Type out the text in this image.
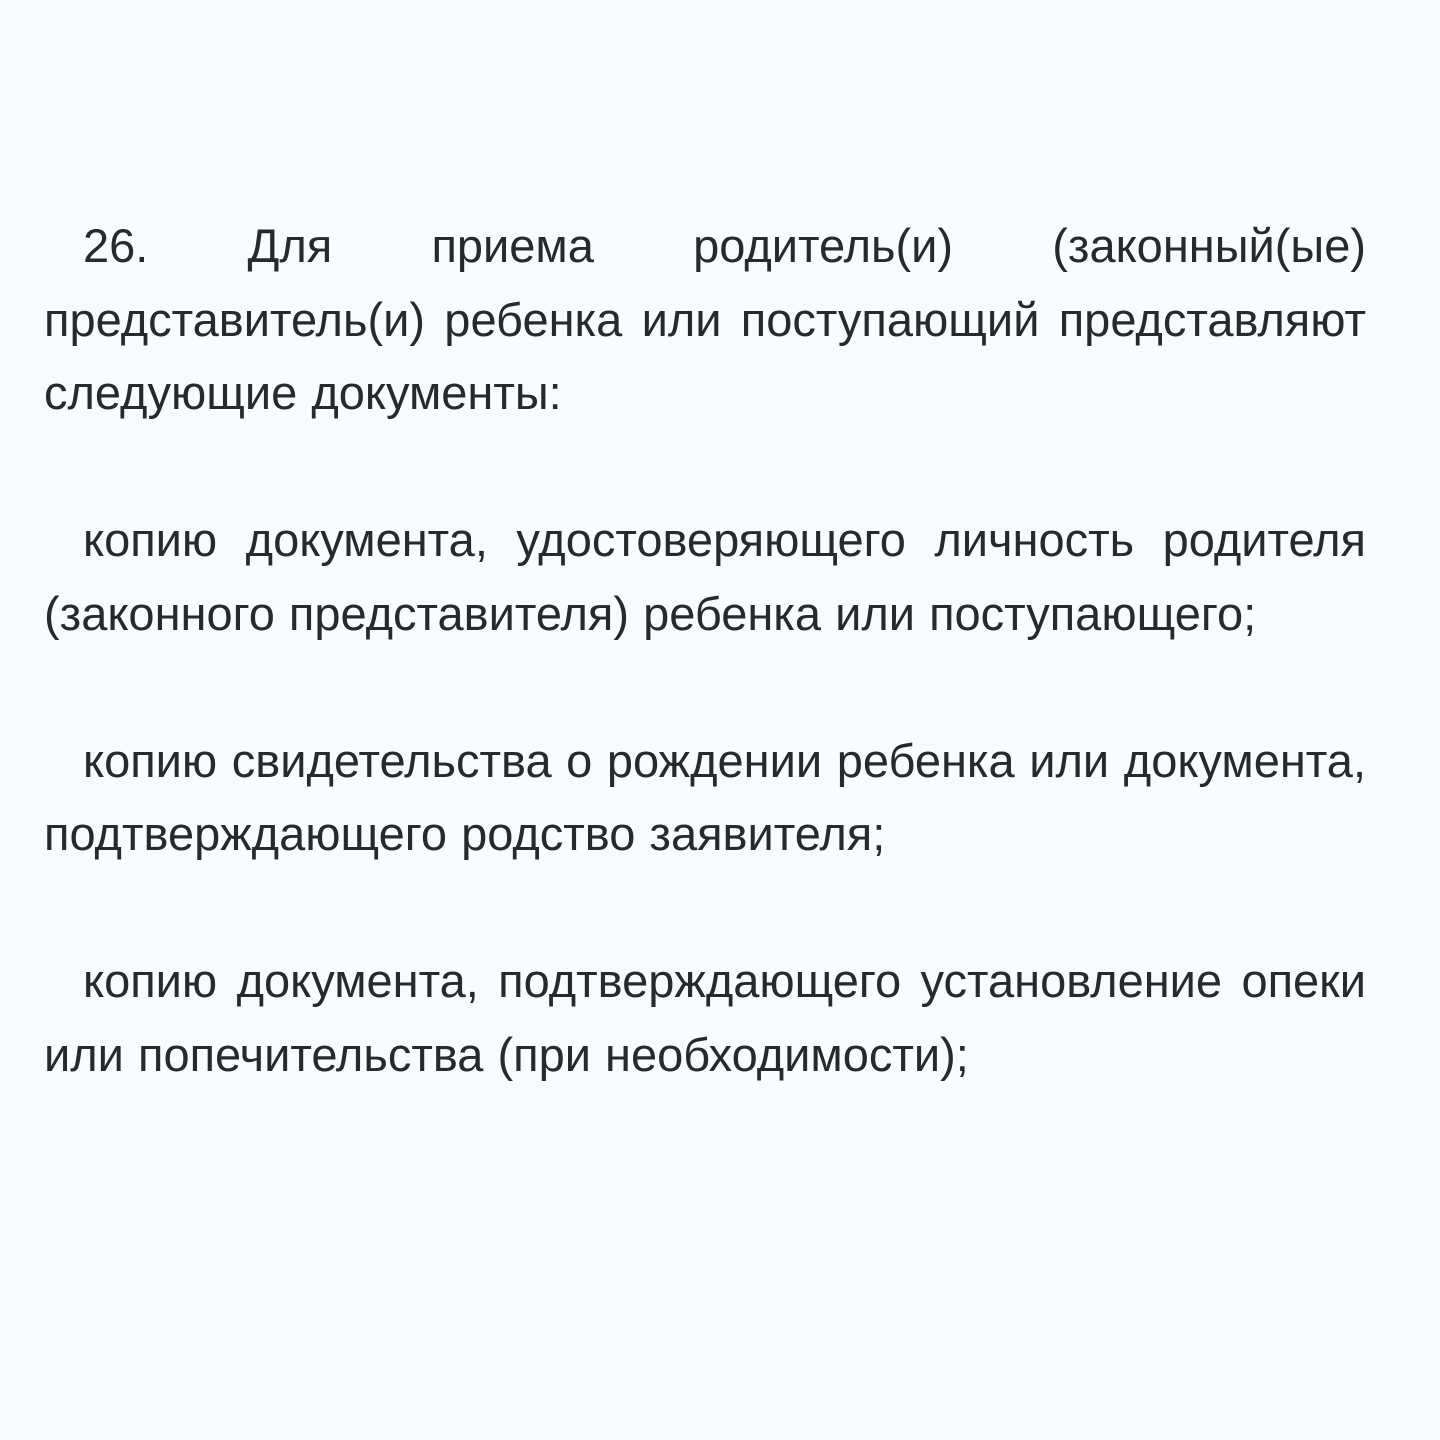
26. Для приема родитель(и) (законный(ые) представитель(и) ребенка или поступающий представляют следующие документы:

копию документа, удостоверяющего личность родителя (законного представителя) ребенка или поступающего;

копию свидетельства о рождении ребенка или документа, подтверждающего родство заявителя;

копию документа, подтверждающего установление опеки или попечительства (при необходимости);
